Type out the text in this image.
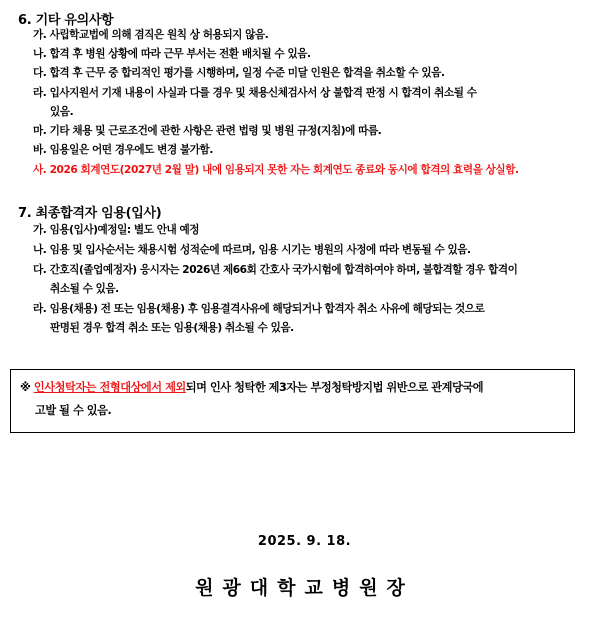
6. 기타 유의사항
가. 사립학교법에 의해 겸직은 원칙 상 허용되지 않음.
나. 합격 후 병원 상황에 따라 근무 부서는 전환 배치될 수 있음.
다. 합격 후 근무 중 합리적인 평가를 시행하며, 일정 수준 미달 인원은 합격을 취소할 수 있음.
라. 입사지원서 기재 내용이 사실과 다를 경우 및 채용신체검사서 상 불합격 판정 시 합격이 취소될 수
있음.
마. 기타 채용 및 근로조건에 관한 사항은 관련 법령 및 병원 규정(지침)에 따름.
바. 임용일은 어떤 경우에도 변경 불가함.
사. 2026 회계연도(2027년 2월 말) 내에 임용되지 못한 자는 회계연도 종료와 동시에 합격의 효력을 상실함.
7. 최종합격자 임용(입사)
가. 임용(입사)예정일: 별도 안내 예정
나. 임용 및 입사순서는 채용시험 성적순에 따르며, 임용 시기는 병원의 사정에 따라 변동될 수 있음.
다. 간호직(졸업예정자) 응시자는 2026년 제66회 간호사 국가시험에 합격하여야 하며, 불합격할 경우 합격이
취소될 수 있음.
라. 임용(채용) 전 또는 임용(채용) 후 임용결격사유에 해당되거나 합격자 취소 사유에 해당되는 것으로
판명된 경우 합격 취소 또는 임용(채용) 취소될 수 있음.
※ 인사청탁자는 전형대상에서 제외되며 인사 청탁한 제3자는 부정청탁방지법 위반으로 관계당국에
고발 될 수 있음.
2025. 9. 18.
원광대학교병원장
